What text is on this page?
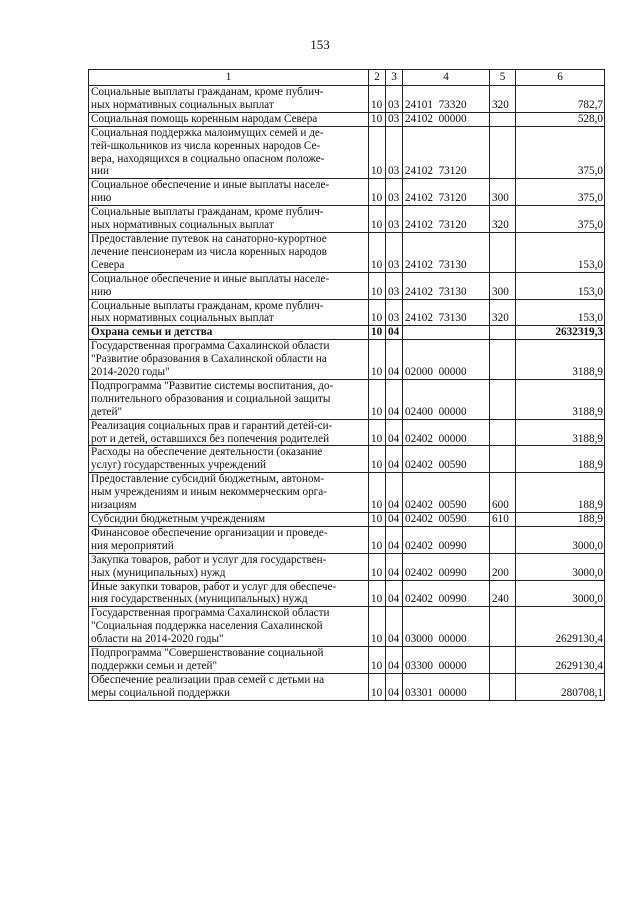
153
1	2	3	4	5	6
Социальные выплаты гражданам, кроме публич-
ных нормативных социальных выплат	10	03	24101  73320	320	782,7
Социальная помощь коренным народам Севера	10	03	24102  00000		528,0
Социальная поддержка малоимущих семей и де-
тей-школьников из числа коренных народов Се-
вера, находящихся в социально опасном положе-
нии	10	03	24102  73120		375,0
Социальное обеспечение и иные выплаты населе-
нию	10	03	24102  73120	300	375,0
Социальные выплаты гражданам, кроме публич-
ных нормативных социальных выплат	10	03	24102  73120	320	375,0
Предоставление путевок на санаторно-курортное
лечение пенсионерам из числа коренных народов
Севера	10	03	24102  73130		153,0
Социальное обеспечение и иные выплаты населе-
нию	10	03	24102  73130	300	153,0
Социальные выплаты гражданам, кроме публич-
ных нормативных социальных выплат	10	03	24102  73130	320	153,0
Охрана семьи и детства	10	04			2632319,3
Государственная программа Сахалинской области
"Развитие образования в Сахалинской области на
2014-2020 годы"	10	04	02000  00000		3188,9
Подпрограмма "Развитие системы воспитания, до-
полнительного образования и социальной защиты
детей"	10	04	02400  00000		3188,9
Реализация социальных прав и гарантий детей-си-
рот и детей, оставшихся без попечения родителей	10	04	02402  00000		3188,9
Расходы на обеспечение деятельности (оказание
услуг) государственных учреждений	10	04	02402  00590		188,9
Предоставление субсидий бюджетным, автоном-
ным учреждениям и иным некоммерческим орга-
низациям	10	04	02402  00590	600	188,9
Субсидии бюджетным учреждениям	10	04	02402  00590	610	188,9
Финансовое обеспечение организации и проведе-
ния мероприятий	10	04	02402  00990		3000,0
Закупка товаров, работ и услуг для государствен-
ных (муниципальных) нужд	10	04	02402  00990	200	3000,0
Иные закупки товаров, работ и услуг для обеспече-
ния государственных (муниципальных) нужд	10	04	02402  00990	240	3000,0
Государственная программа Сахалинской области
"Социальная поддержка населения Сахалинской
области на 2014-2020 годы"	10	04	03000  00000		2629130,4
Подпрограмма "Совершенствование социальной
поддержки семьи и детей"	10	04	03300  00000		2629130,4
Обеспечение реализации прав семей с детьми на
меры социальной поддержки	10	04	03301  00000		280708,1
